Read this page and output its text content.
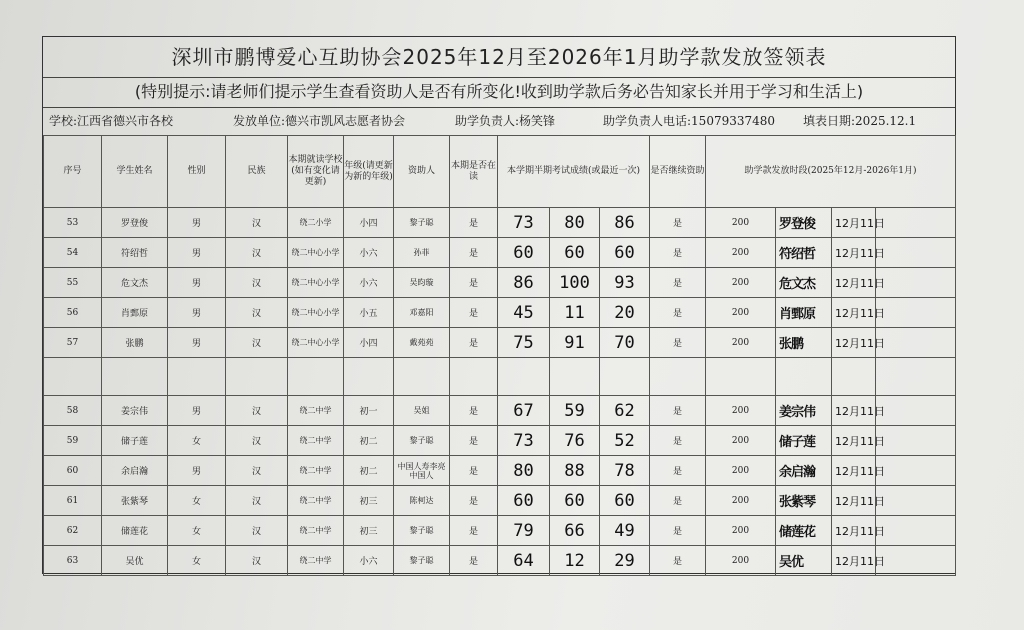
深圳市鹏博爱心互助协会2025年12月至2026年1月助学款发放签领表
(特别提示:请老师们提示学生查看资助人是否有所变化!收到助学款后务必告知家长并用于学习和生活上)
学校:江西省德兴市各校	发放单位:德兴市凯风志愿者协会	助学负责人:杨笑锋	助学负责人电话:15079337480 填表日期:2025.12.1
序号	学生姓名	性别	民族	本期就读学校(如有变化请更新)	年级(请更新为新的年级)	资助人	本期是否在读	本学期半期考试成绩(或最近一次)			是否继续资助	助学款发放时段(2025年12月-2026年1月)			
53	罗登俊	男	汉	绕二小学	小四	黎子聪	是	73	80	86	是	200	罗登俊	12月11日	
54	符绍哲	男	汉	绕二中心小学	小六	孙菲	是	60	60	60	是	200	符绍哲	12月11日	
55	危文杰	男	汉	绕二中心小学	小六	吴昀璇	是	86	100	93	是	200	危文杰	12月11日	
56	肖鄄原	男	汉	绕二中心小学	小五	邓嘉阳	是	45	11	20	是	200	肖鄄原	12月11日	
57	张鹏	男	汉	绕二中心小学	小四	戴苑苑	是	75	91	70	是	200	张鹏	12月11日	

58	姜宗伟	男	汉	绕二中学	初一	吴姐	是	67	59	62	是	200	姜宗伟	12月11日	
59	储子莲	女	汉	绕二中学	初二	黎子聪	是	73	76	52	是	200	储子莲	12月11日	
60	余启瀚	男	汉	绕二中学	初二	中国人寿李亮 中国人	是	80	88	78	是	200	余启瀚	12月11日	
61	张紫琴	女	汉	绕二中学	初三	陈柯达	是	60	60	60	是	200	张紫琴	12月11日	
62	储莲花	女	汉	绕二中学	初三	黎子聪	是	79	66	49	是	200	储莲花	12月11日	
63	吴优	女	汉	绕二中学	小六	黎子聪	是	64	12	29	是	200	吴优	12月11日	
